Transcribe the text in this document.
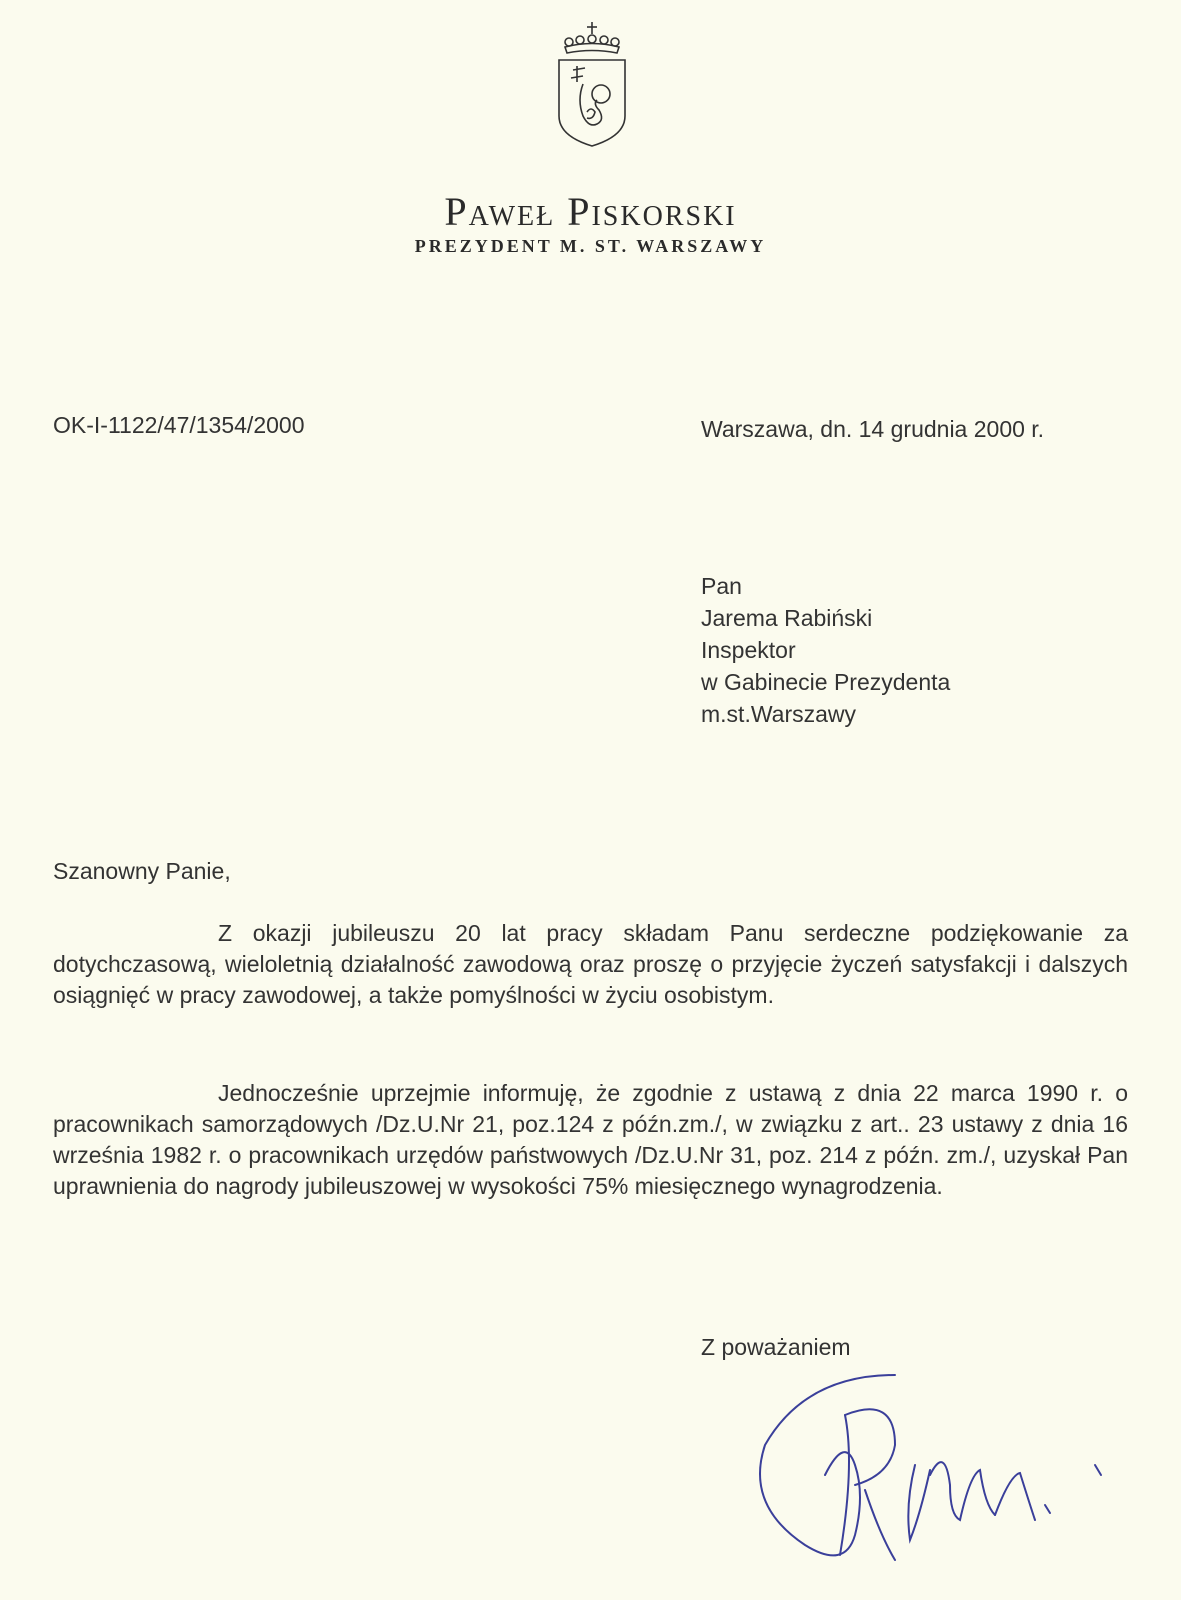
Paweł Piskorski
PREZYDENT M. ST. WARSZAWY
OK-I-1122/47/1354/2000	Warszawa, dn. 14 grudnia 2000 r.
Pan
Jarema Rabiński
Inspektor
w Gabinecie Prezydenta
m.st.Warszawy
Szanowny Panie,

Z okazji jubileuszu 20 lat pracy składam Panu serdeczne podziękowanie za dotychczasową, wieloletnią działalność zawodową oraz proszę o przyjęcie życzeń satysfakcji i dalszych osiągnięć w pracy zawodowej, a także pomyślności w życiu osobistym.

Jednocześnie uprzejmie informuję, że zgodnie z ustawą z dnia 22 marca 1990 r. o pracownikach samorządowych /Dz.U.Nr 21, poz.124 z późn.zm./, w związku z art.. 23 ustawy z dnia 16 września 1982 r. o pracownikach urzędów państwowych /Dz.U.Nr 31, poz. 214 z późn. zm./, uzyskał Pan uprawnienia do nagrody jubileuszowej w wysokości 75% miesięcznego wynagrodzenia.

Z poważaniem
